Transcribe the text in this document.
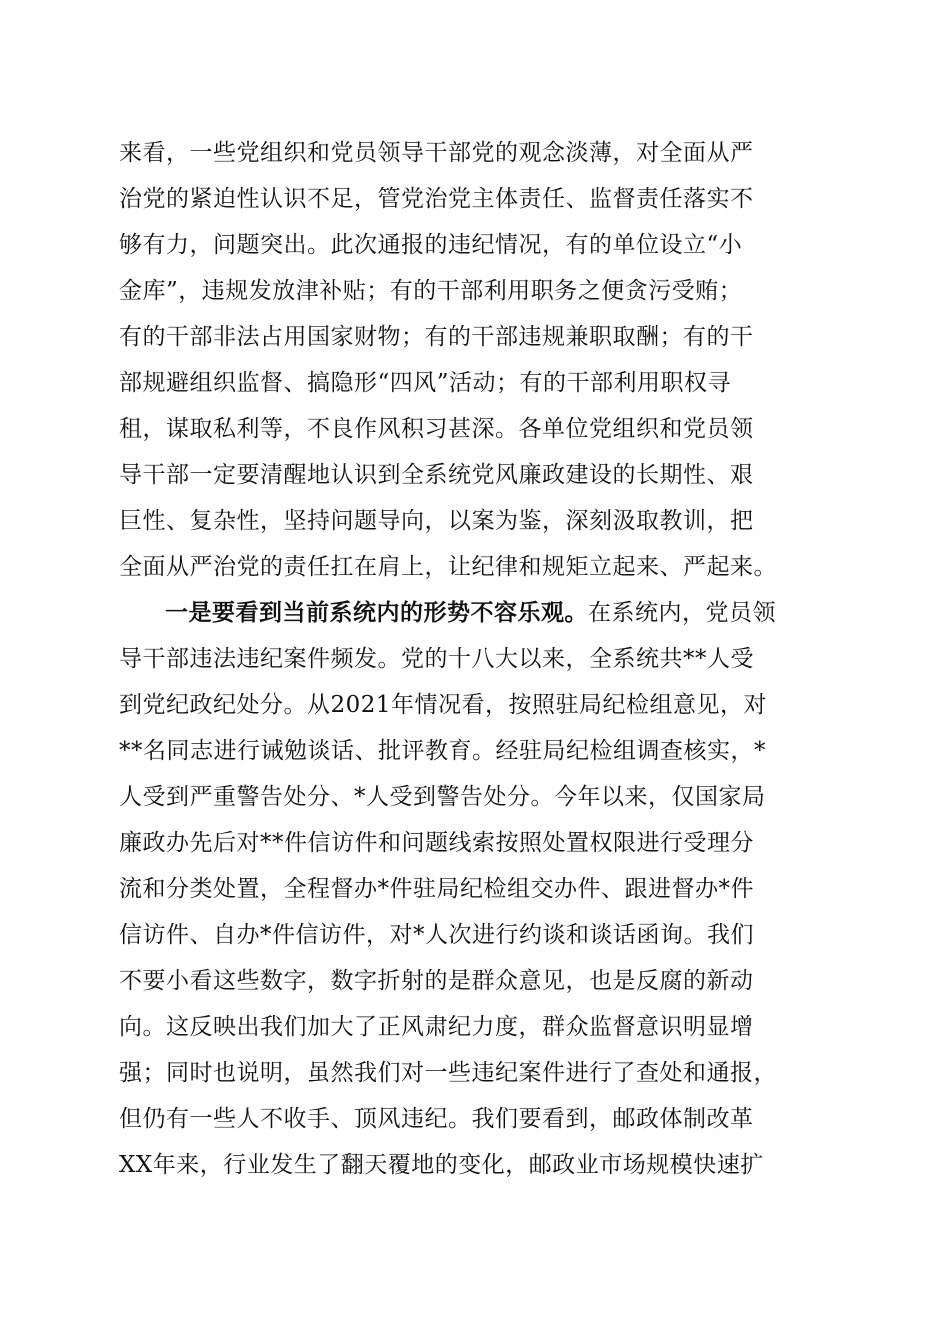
来看，一些党组织和党员领导干部党的观念淡薄，对全面从严
治党的紧迫性认识不足，管党治党主体责任、监督责任落实不
够有力，问题突出。此次通报的违纪情况，有的单位设立“小
金库”，违规发放津补贴；有的干部利用职务之便贪污受贿；
有的干部非法占用国家财物；有的干部违规兼职取酬；有的干
部规避组织监督、搞隐形“四风”活动；有的干部利用职权寻
租，谋取私利等，不良作风积习甚深。各单位党组织和党员领
导干部一定要清醒地认识到全系统党风廉政建设的长期性、艰
巨性、复杂性，坚持问题导向，以案为鉴，深刻汲取教训，把
全面从严治党的责任扛在肩上，让纪律和规矩立起来、严起来。
一是要看到当前系统内的形势不容乐观。在系统内，党员领
导干部违法违纪案件频发。党的十八大以来，全系统共**人受
到党纪政纪处分。从2021年情况看，按照驻局纪检组意见，对
**名同志进行诫勉谈话、批评教育。经驻局纪检组调查核实，*
人受到严重警告处分、*人受到警告处分。今年以来，仅国家局
廉政办先后对**件信访件和问题线索按照处置权限进行受理分
流和分类处置，全程督办*件驻局纪检组交办件、跟进督办*件
信访件、自办*件信访件，对*人次进行约谈和谈话函询。我们
不要小看这些数字，数字折射的是群众意见，也是反腐的新动
向。这反映出我们加大了正风肃纪力度，群众监督意识明显增
强；同时也说明，虽然我们对一些违纪案件进行了查处和通报，
但仍有一些人不收手、顶风违纪。我们要看到，邮政体制改革
XX年来，行业发生了翻天覆地的变化，邮政业市场规模快速扩
